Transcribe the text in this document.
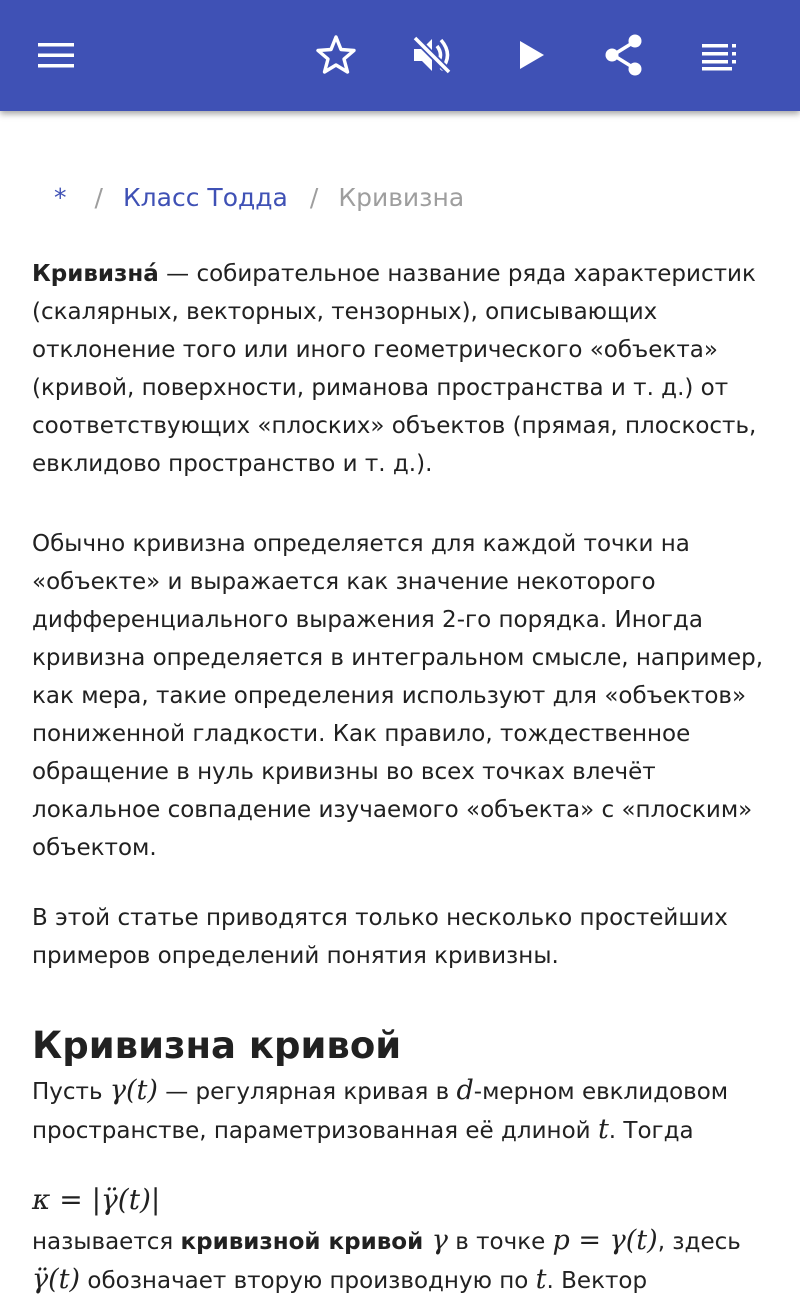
* / Класс Тодда / Кривизна

Кривизна́ — собирательное название ряда характеристик (скалярных, векторных, тензорных), описывающих отклонение того или иного геометрического «объекта» (кривой, поверхности, риманова пространства и т. д.) от соответствующих «плоских» объектов (прямая, плоскость, евклидово пространство и т. д.).

Обычно кривизна определяется для каждой точки на «объекте» и выражается как значение некоторого дифференциального выражения 2-го порядка. Иногда кривизна определяется в интегральном смысле, например, как мера, такие определения используют для «объектов» пониженной гладкости. Как правило, тождественное обращение в нуль кривизны во всех точках влечёт локальное совпадение изучаемого «объекта» с «плоским» объектом.

В этой статье приводятся только несколько простейших примеров определений понятия кривизны.

Кривизна кривой

Пусть γ(t) — регулярная кривая в d-мерном евклидовом пространстве, параметризованная её длиной t. Тогда

κ = |γ̈(t)|

называется кривизной кривой γ в точке p = γ(t), здесь
γ̈(t) обозначает вторую производную по t. Вектор
